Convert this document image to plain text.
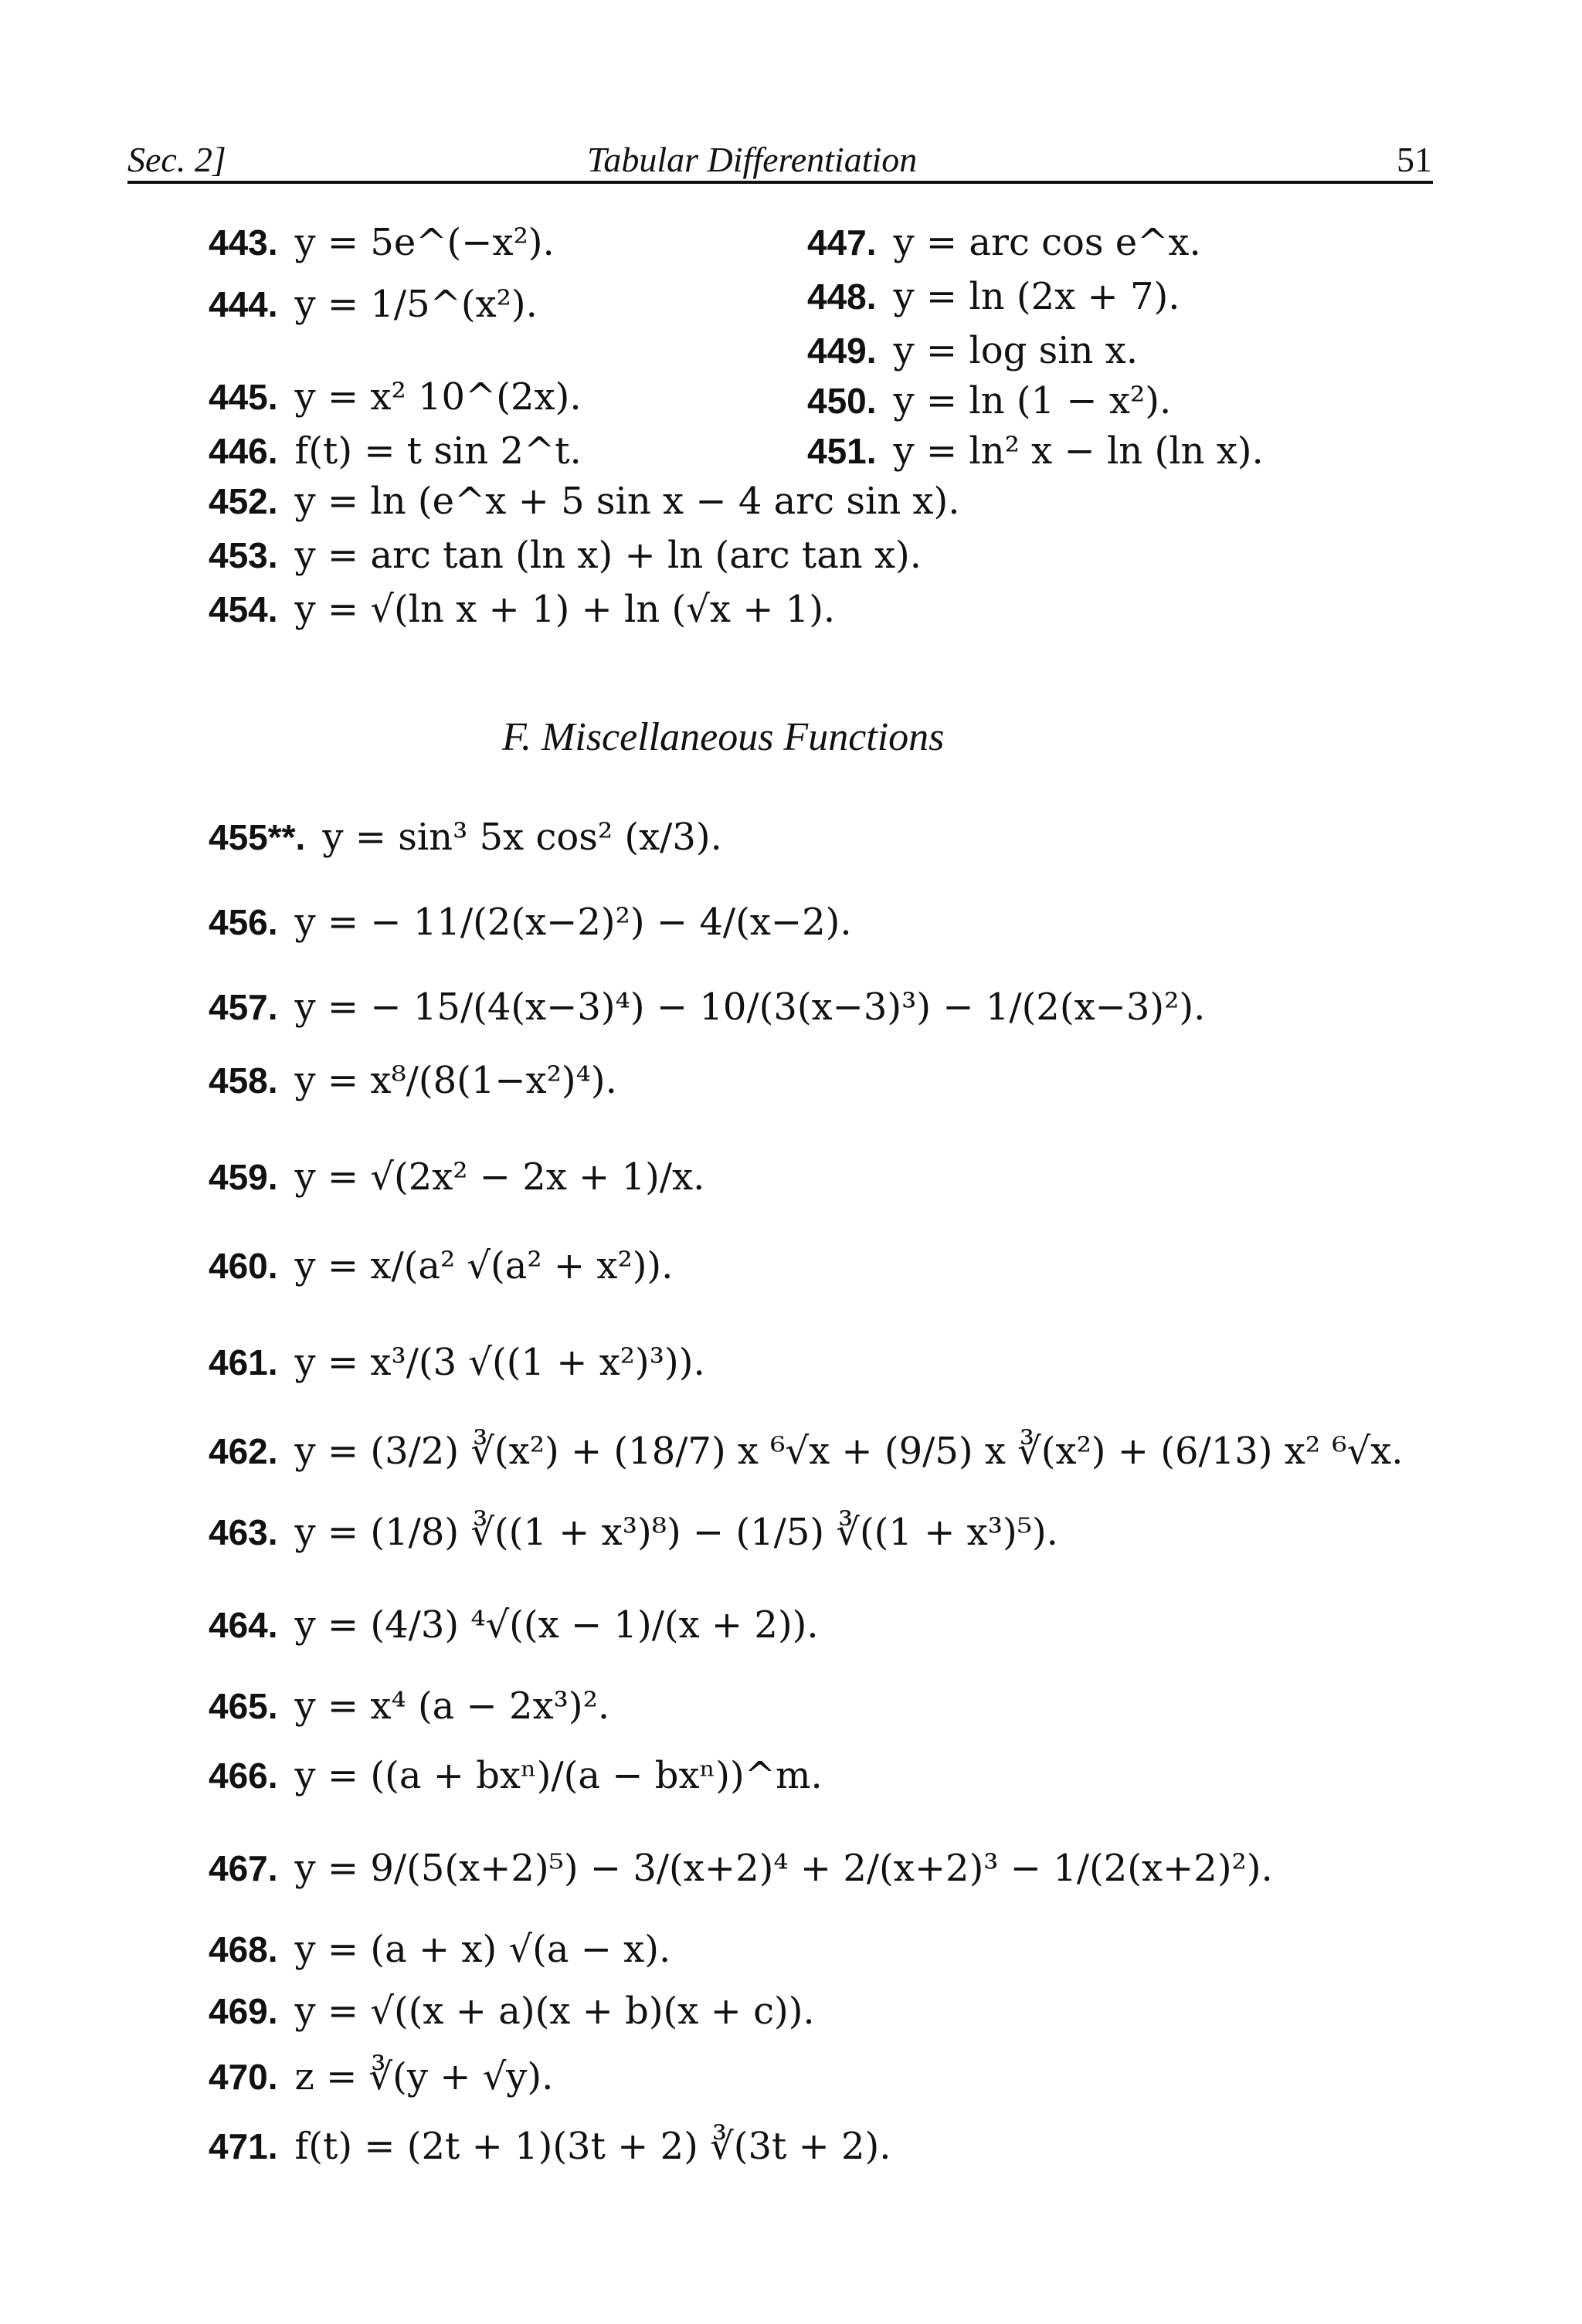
Sec. 2]	Tabular Differentiation	51
F. Miscellaneous Functions
443. y = 5e^(−x²).
444. y = 1/5^(x²).
445. y = x² 10^(2x).
446. f(t) = t sin 2^t.
447. y = arc cos e^x.
448. y = ln (2x + 7).
449. y = log sin x.
450. y = ln (1 − x²).
451. y = ln² x − ln (ln x).
452. y = ln (e^x + 5 sin x − 4 arc sin x).
453. y = arc tan (ln x) + ln (arc tan x).
454. y = √(ln x + 1) + ln (√x + 1).
455**. y = sin³ 5x cos² (x/3).
456. y = − 11/(2(x−2)²) − 4/(x−2).
457. y = − 15/(4(x−3)⁴) − 10/(3(x−3)³) − 1/(2(x−3)²).
458. y = x⁸/(8(1−x²)⁴).
459. y = √(2x² − 2x + 1)/x.
460. y = x/(a² √(a² + x²)).
461. y = x³/(3 √((1 + x²)³)).
462. y = (3/2) ∛(x²) + (18/7) x ⁶√x + (9/5) x ∛(x²) + (6/13) x² ⁶√x.
463. y = (1/8) ∛((1 + x³)⁸) − (1/5) ∛((1 + x³)⁵).
464. y = (4/3) ⁴√((x − 1)/(x + 2)).
465. y = x⁴ (a − 2x³)².
466. y = ((a + bxⁿ)/(a − bxⁿ))^m.
467. y = 9/(5(x+2)⁵) − 3/(x+2)⁴ + 2/(x+2)³ − 1/(2(x+2)²).
468. y = (a + x) √(a − x).
469. y = √((x + a)(x + b)(x + c)).
470. z = ∛(y + √y).
471. f(t) = (2t + 1)(3t + 2) ∛(3t + 2).
